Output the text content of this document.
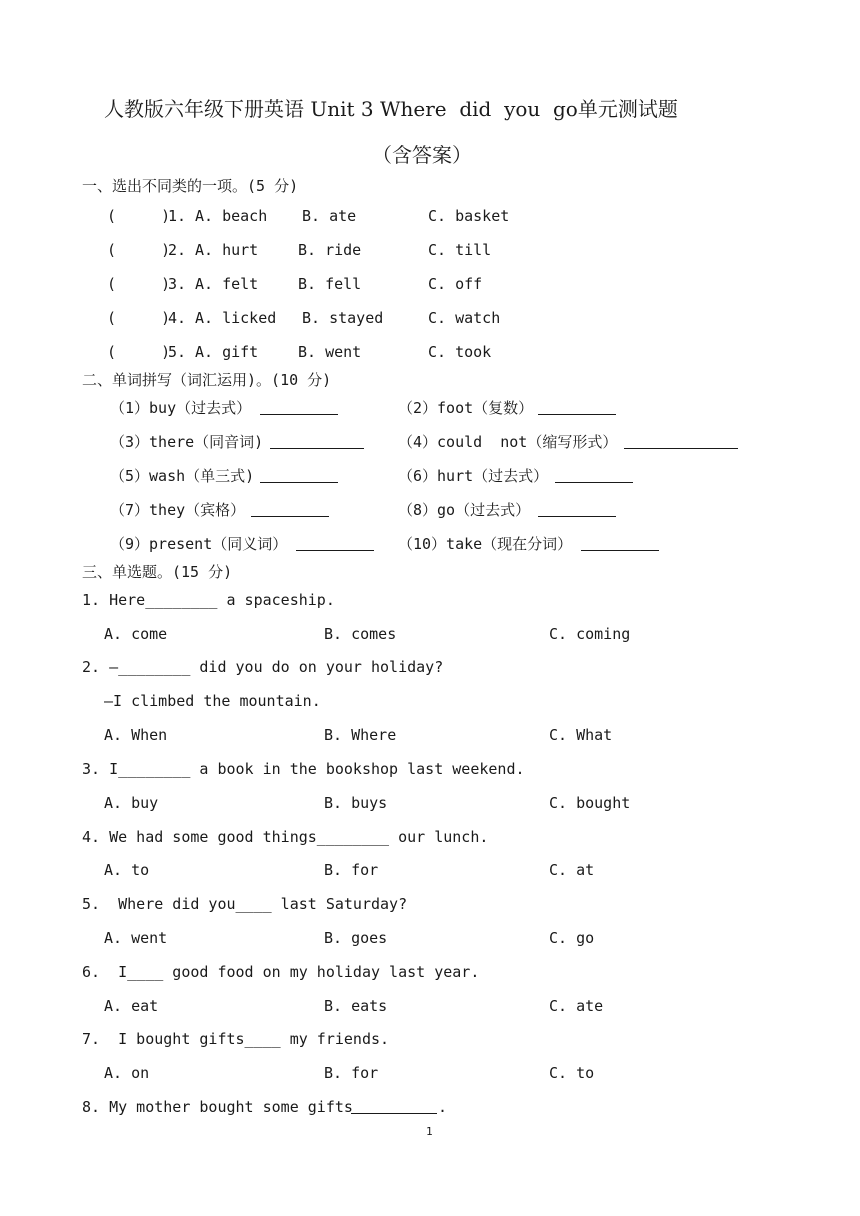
人教版六年级下册英语 Unit 3 Where  did  you  go单元测试题
（含答案）
一、选出不同类的一项。(5 分)
(     )
1. A. beach B. ate	C. basket
(     )
2. A. hurt	B. ride	C. till
(     )
3. A. felt	B. fell	C. off
(     )
4. A. licked B. stayed	C. watch
(     )
5. A. gift	B. went	C. took
二、单词拼写（词汇运用)。(10 分)
（1）buy（过去式）	（2）foot（复数）
（3）there（同音词)	（4）could  not（缩写形式）
（5）wash（单三式)	（6）hurt（过去式）
（7）they（宾格）	（8）go（过去式）
（9）present（同义词）	（10）take（现在分词）
三、单选题。(15 分)
1. Here________ a spaceship.
A. come	B. comes	C. coming
2. —________ did you do on your holiday?
—I climbed the mountain.
A. When	B. Where	C. What
3. I________ a book in the bookshop last weekend.
A. buy	B. buys	C. bought
4. We had some good things________ our lunch.
A. to	B. for	C. at
5.  Where did you____ last Saturday?
A. went	B. goes	C. go
6.  I____ good food on my holiday last year.
A. eat	B. eats	C. ate
7.  I bought gifts____ my friends.
A. on	B. for	C. to
8. My mother bought some gifts	.
1
